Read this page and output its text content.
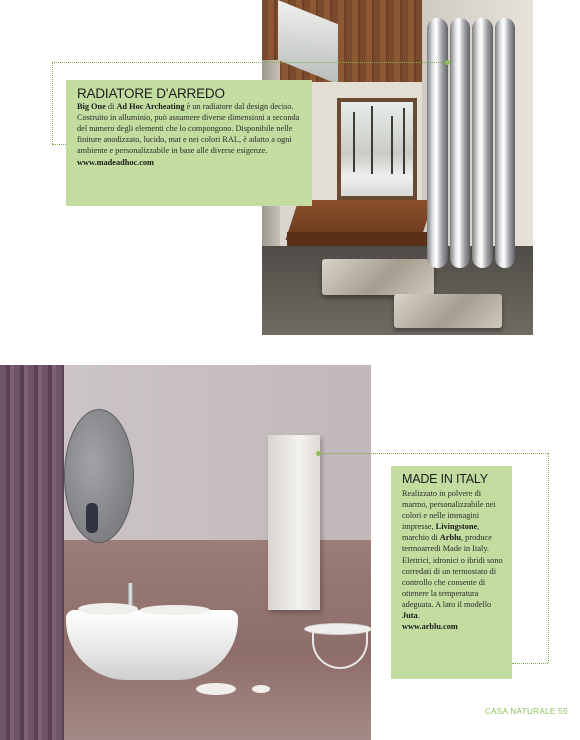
RADIATORE D'ARREDO

Big One di Ad Hoc Archeating è un radiatore dal design deciso. Costruito in alluminio, può assumere diverse dimensioni a seconda del numero degli elementi che lo compongono. Disponibile nelle finiture anodizzato, lucido, mat e nei colori RAL, è adatto a ogni ambiente e personalizzabile in base alle diverse esigenze.

www.madeadhoc.com
MADE IN ITALY

Realizzato in polvere di marmo, personalizzabile nei colori e nelle immagini impresse, Livingstone, marchio di Arblu, produce termoarredi Made in Italy. Elettrici, idronici o ibridi sono corredati di un termostato di controllo che consente di ottenere la temperatura adeguata. A lato il modello Juta.

www.arblu.com
CASA NATURALE 55
